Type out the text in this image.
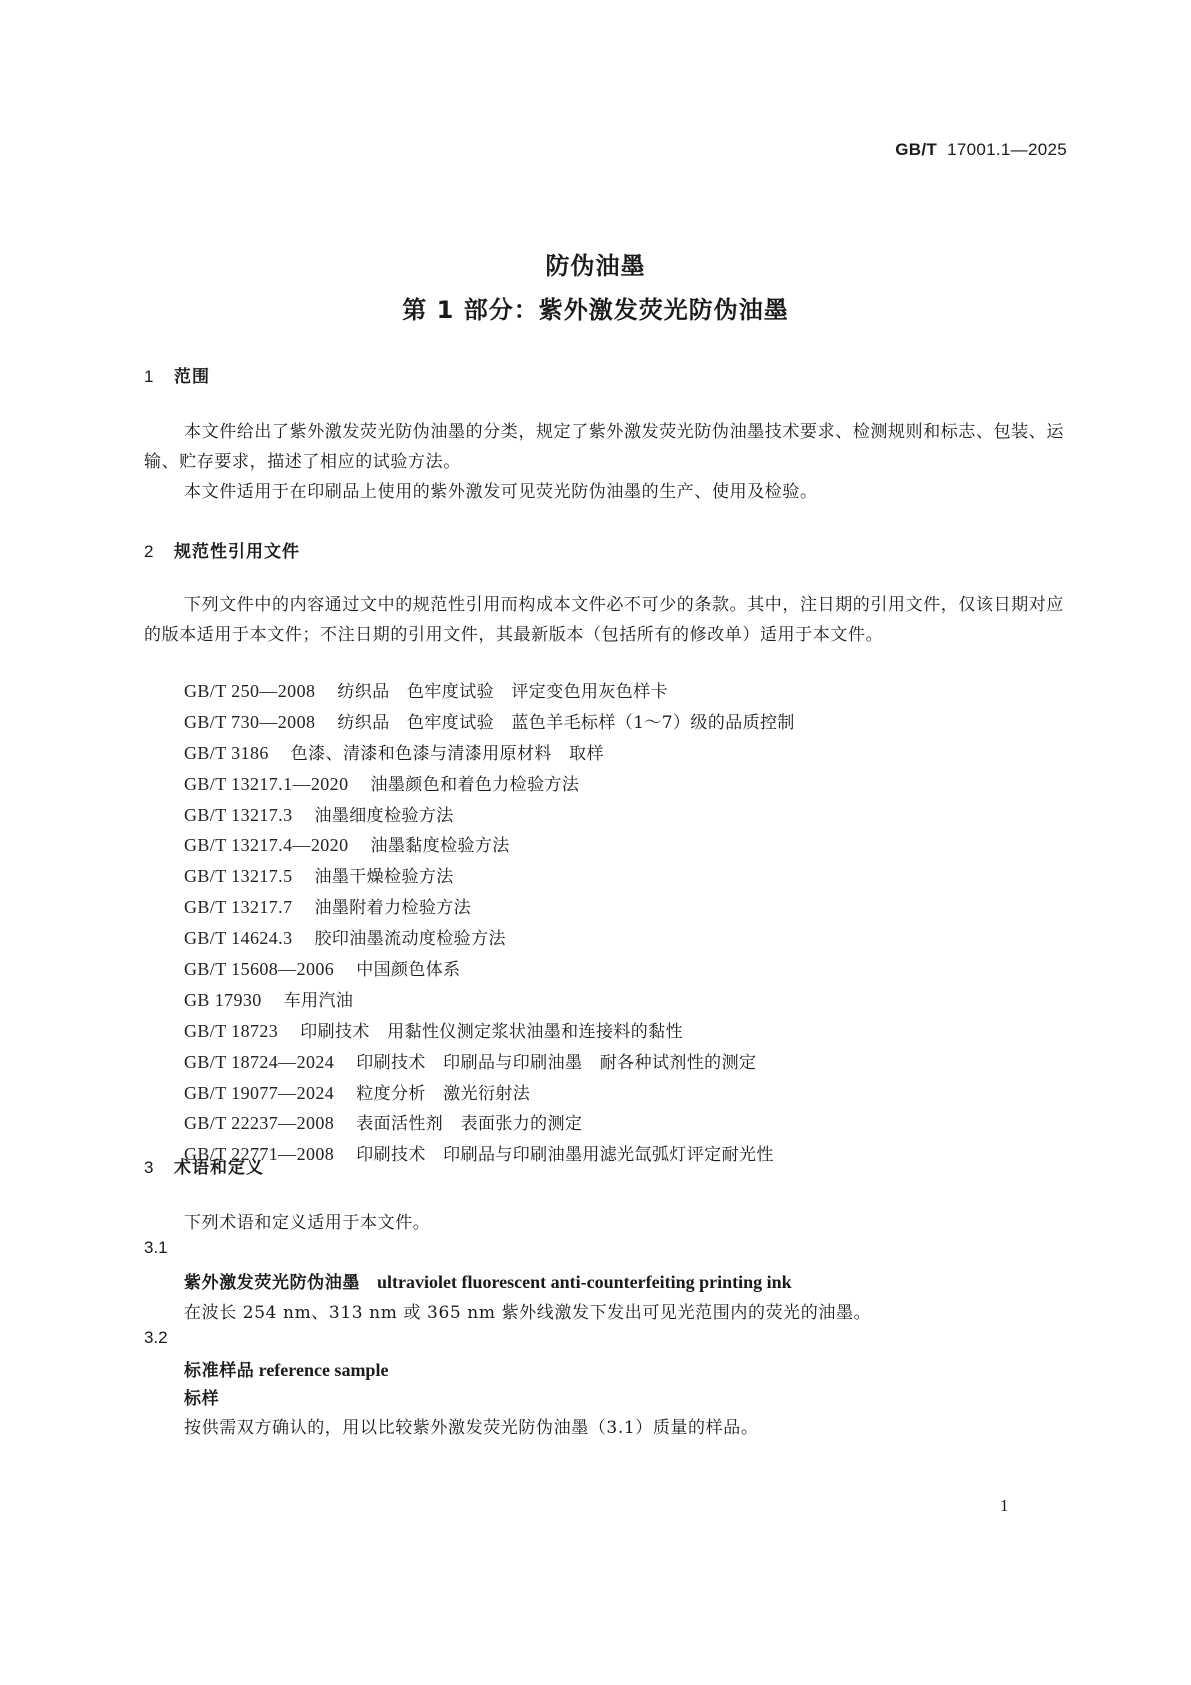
GB/T 17001.1—2025
防伪油墨
第 1 部分：紫外激发荧光防伪油墨
1 范围

本文件给出了紫外激发荧光防伪油墨的分类，规定了紫外激发荧光防伪油墨技术要求、检测规则和标志、包装、运输、贮存要求，描述了相应的试验方法。

本文件适用于在印刷品上使用的紫外激发可见荧光防伪油墨的生产、使用及检验。

2 规范性引用文件

下列文件中的内容通过文中的规范性引用而构成本文件必不可少的条款。其中，注日期的引用文件，仅该日期对应的版本适用于本文件；不注日期的引用文件，其最新版本（包括所有的修改单）适用于本文件。

GB/T 250—2008 纺织品　色牢度试验　评定变色用灰色样卡
GB/T 730—2008 纺织品　色牢度试验　蓝色羊毛标样（1～7）级的品质控制
GB/T 3186 色漆、清漆和色漆与清漆用原材料　取样
GB/T 13217.1—2020 油墨颜色和着色力检验方法
GB/T 13217.3 油墨细度检验方法
GB/T 13217.4—2020 油墨黏度检验方法
GB/T 13217.5 油墨干燥检验方法
GB/T 13217.7 油墨附着力检验方法
GB/T 14624.3 胶印油墨流动度检验方法
GB/T 15608—2006 中国颜色体系
GB 17930 车用汽油
GB/T 18723 印刷技术　用黏性仪测定浆状油墨和连接料的黏性
GB/T 18724—2024 印刷技术　印刷品与印刷油墨　耐各种试剂性的测定
GB/T 19077—2024 粒度分析　激光衍射法
GB/T 22237—2008 表面活性剂　表面张力的测定
GB/T 22771—2008 印刷技术　印刷品与印刷油墨用滤光氙弧灯评定耐光性
3 术语和定义

下列术语和定义适用于本文件。

3.1
紫外激发荧光防伪油墨 ultraviolet fluorescent anti-counterfeiting printing ink
在波长 254 nm、313 nm 或 365 nm 紫外线激发下发出可见光范围内的荧光的油墨。
3.2
标准样品 reference sample
标样
按供需双方确认的，用以比较紫外激发荧光防伪油墨（3.1）质量的样品。
1
